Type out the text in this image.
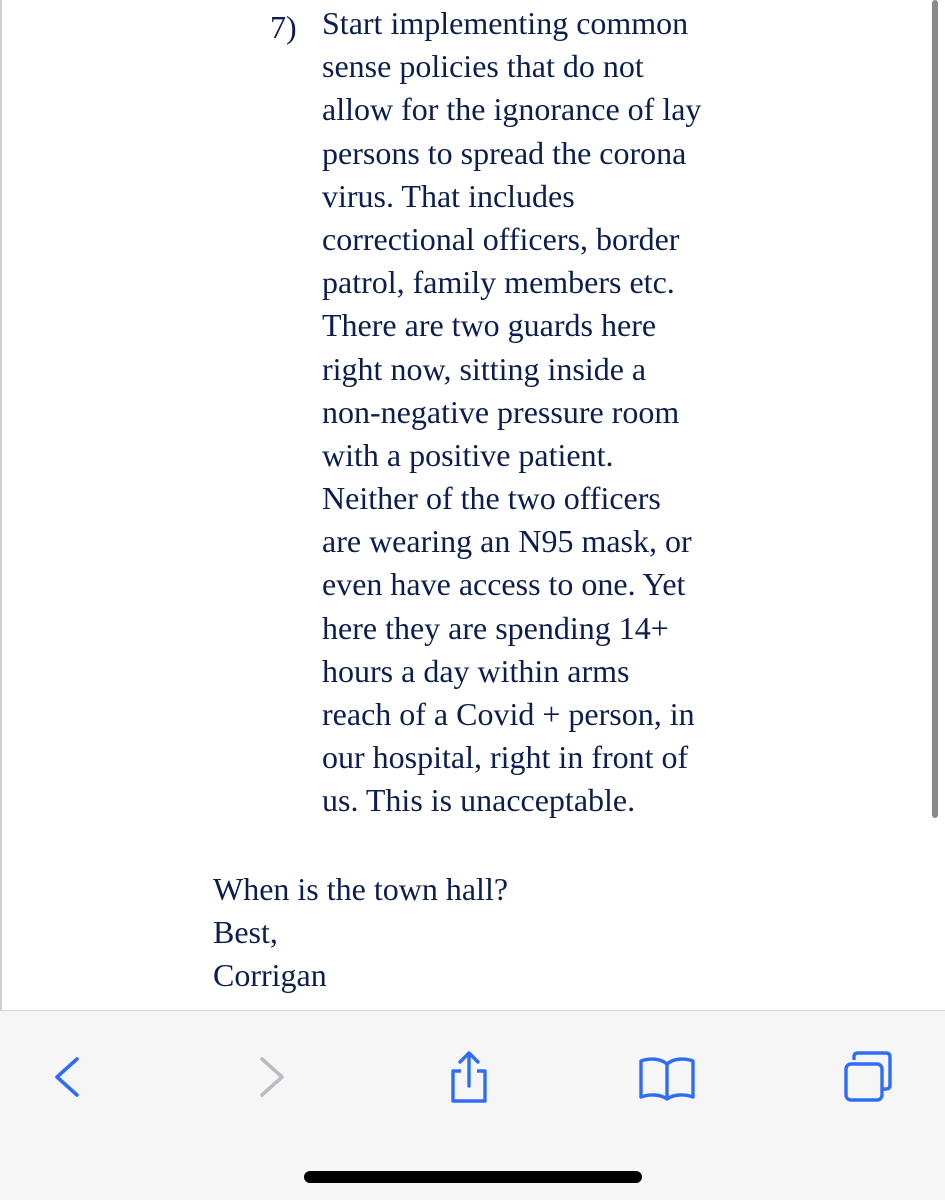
7) Start implementing common
sense policies that do not
allow for the ignorance of lay
persons to spread the corona
virus. That includes
correctional officers, border
patrol, family members etc.
There are two guards here
right now, sitting inside a
non-negative pressure room
with a positive patient.
Neither of the two officers
are wearing an N95 mask, or
even have access to one. Yet
here they are spending 14+
hours a day within arms
reach of a Covid + person, in
our hospital, right in front of
us. This is unacceptable.
When is the town hall?
Best,
Corrigan
